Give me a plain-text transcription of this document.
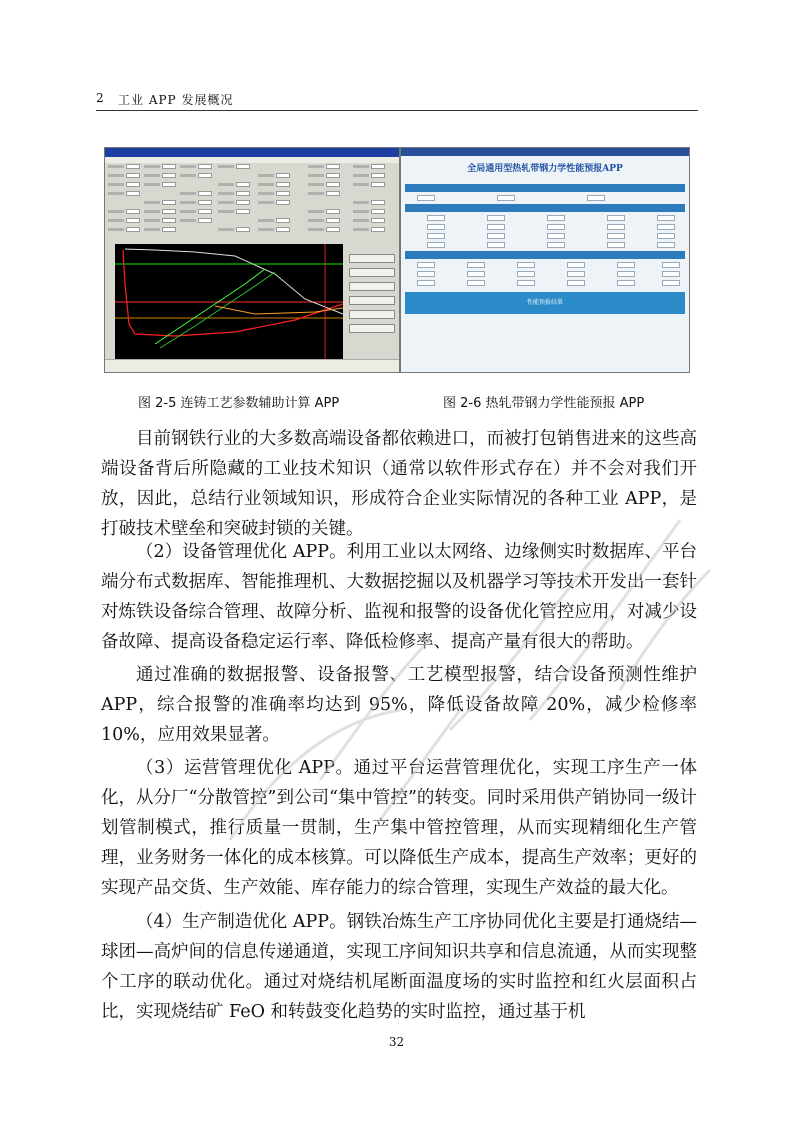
2 工业 APP 发展概况
全局通用型热轧带钢力学性能预报APP
性能预报结果
图 2-5 连铸工艺参数辅助计算 APP	图 2-6 热轧带钢力学性能预报 APP

目前钢铁行业的大多数高端设备都依赖进口，而被打包销售进来的这些高端设备背后所隐藏的工业技术知识（通常以软件形式存在）并不会对我们开放，因此，总结行业领域知识，形成符合企业实际情况的各种工业 APP，是打破技术壁垒和突破封锁的关键。

（2）设备管理优化 APP。利用工业以太网络、边缘侧实时数据库、平台端分布式数据库、智能推理机、大数据挖掘以及机器学习等技术开发出一套针对炼铁设备综合管理、故障分析、监视和报警的设备优化管控应用，对减少设备故障、提高设备稳定运行率、降低检修率、提高产量有很大的帮助。

通过准确的数据报警、设备报警、工艺模型报警，结合设备预测性维护 APP，综合报警的准确率均达到 95%，降低设备故障 20%，减少检修率 10%，应用效果显著。

（3）运营管理优化 APP。通过平台运营管理优化，实现工序生产一体化，从分厂“分散管控”到公司“集中管控”的转变。同时采用供产销协同一级计划管制模式，推行质量一贯制，生产集中管控管理，从而实现精细化生产管理，业务财务一体化的成本核算。可以降低生产成本，提高生产效率；更好的实现产品交货、生产效能、库存能力的综合管理，实现生产效益的最大化。

（4）生产制造优化 APP。钢铁冶炼生产工序协同优化主要是打通烧结—球团—高炉间的信息传递通道，实现工序间知识共享和信息流通，从而实现整个工序的联动优化。通过对烧结机尾断面温度场的实时监控和红火层面积占比，实现烧结矿 FeO 和转鼓变化趋势的实时监控，通过基于机

32
